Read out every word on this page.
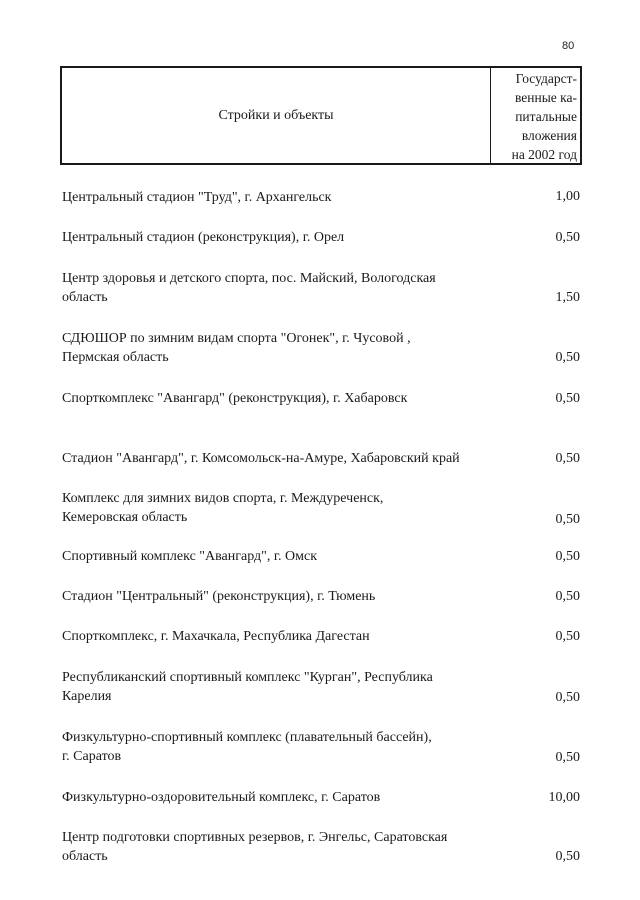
80
Стройки и объекты
Государст-
венные ка-
питальные
вложения
на 2002 год
Центральный стадион "Труд", г. Архангельск	1,00
Центральный стадион (реконструкция), г. Орел	0,50
Центр здоровья и детского спорта, пос. Майский, Вологодская
область	1,50
СДЮШОР по зимним видам спорта "Огонек", г. Чусовой ,
Пермская область	0,50
Спорткомплекс "Авангард" (реконструкция), г. Хабаровск	0,50
Стадион "Авангард", г. Комсомольск-на-Амуре, Хабаровский край	0,50
Комплекс для зимних видов спорта, г. Междуреченск,
Кемеровская область	0,50
Спортивный комплекс "Авангард", г. Омск	0,50
Стадион "Центральный" (реконструкция), г. Тюмень	0,50
Спорткомплекс, г. Махачкала, Республика Дагестан	0,50
Республиканский спортивный комплекс "Курган", Республика
Карелия	0,50
Физкультурно-спортивный комплекс (плавательный бассейн),
г. Саратов	0,50
Физкультурно-оздоровительный комплекс, г. Саратов	10,00
Центр подготовки спортивных резервов, г. Энгельс, Саратовская
область	0,50
